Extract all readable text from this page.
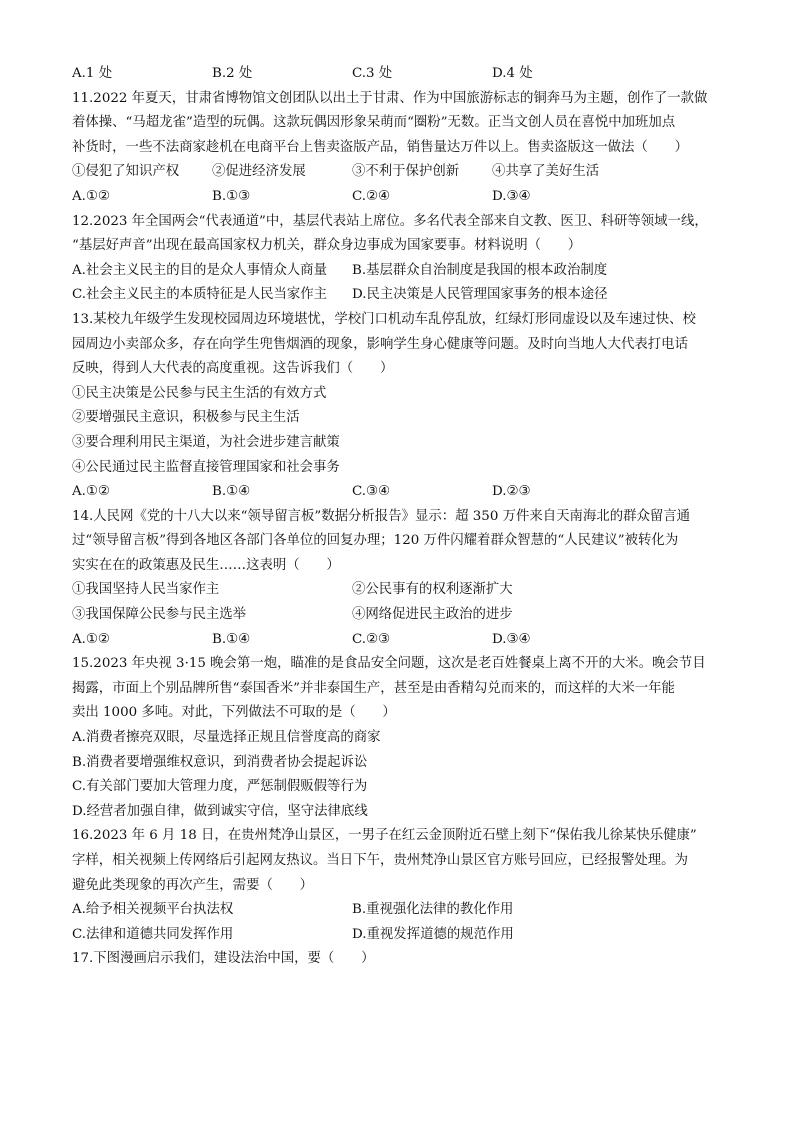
A.1 处	B.2 处	C.3 处	D.4 处
11.2022 年夏天，甘肃省博物馆文创团队以出土于甘肃、作为中国旅游标志的铜奔马为主题，创作了一款做
着体操、“马超龙雀”造型的玩偶。这款玩偶因形象呆萌而“圈粉”无数。正当文创人员在喜悦中加班加点
补货时，一些不法商家趁机在电商平台上售卖盗版产品，销售量达万件以上。售卖盗版这一做法（　　）
①侵犯了知识产权	②促进经济发展	③不利于保护创新	④共享了美好生活
A.①②	B.①③	C.②④	D.③④
12.2023 年全国两会“代表通道”中，基层代表站上席位。多名代表全部来自文教、医卫、科研等领域一线，
“基层好声音”出现在最高国家权力机关，群众身边事成为国家要事。材料说明（　　）
A.社会主义民主的目的是众人事情众人商量	B.基层群众自治制度是我国的根本政治制度
C.社会主义民主的本质特征是人民当家作主	D.民主决策是人民管理国家事务的根本途径
13.某校九年级学生发现校园周边环境堪忧，学校门口机动车乱停乱放，红绿灯形同虚设以及车速过快、校
园周边小卖部众多，存在向学生兜售烟酒的现象，影响学生身心健康等问题。及时向当地人大代表打电话
反映，得到人大代表的高度重视。这告诉我们（　　）
①民主决策是公民参与民主生活的有效方式
②要增强民主意识，积极参与民主生活
③要合理利用民主渠道，为社会进步建言献策
④公民通过民主监督直接管理国家和社会事务
A.①②	B.①④	C.③④	D.②③
14.人民网《党的十八大以来“领导留言板”数据分析报告》显示：超 350 万件来自天南海北的群众留言通
过“领导留言板”得到各地区各部门各单位的回复办理；120 万件闪耀着群众智慧的“人民建议”被转化为
实实在在的政策惠及民生……这表明（　　）
①我国坚持人民当家作主	②公民事有的权利逐渐扩大
③我国保障公民参与民主选举	④网络促进民主政治的进步
A.①②	B.①④	C.②③	D.③④
15.2023 年央视 3·15 晚会第一炮，瞄准的是食品安全问题，这次是老百姓餐桌上离不开的大米。晚会节目
揭露，市面上个别品牌所售“泰国香米”并非泰国生产，甚至是由香精勾兑而来的，而这样的大米一年能
卖出 1000 多吨。对此，下列做法不可取的是（　　）
A.消费者擦亮双眼，尽量选择正规且信誉度高的商家
B.消费者要增强维权意识，到消费者协会提起诉讼
C.有关部门要加大管理力度，严惩制假贩假等行为
D.经营者加强自律，做到诚实守信，坚守法律底线
16.2023 年 6 月 18 日，在贵州梵净山景区，一男子在红云金顶附近石壁上刻下“保佑我儿徐某快乐健康”
字样，相关视频上传网络后引起网友热议。当日下午，贵州梵净山景区官方账号回应，已经报警处理。为
避免此类现象的再次产生，需要（　　）
A.给予相关视频平台执法权	B.重视强化法律的教化作用
C.法律和道德共同发挥作用	D.重视发挥道德的规范作用
17.下图漫画启示我们，建设法治中国，要（　　）
